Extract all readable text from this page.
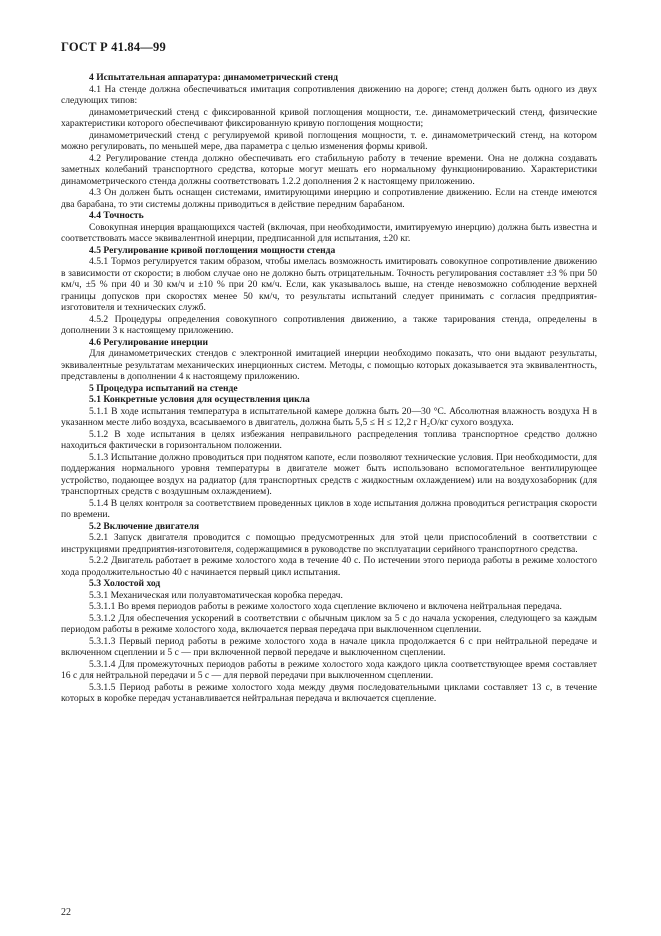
ГОСТ Р 41.84—99

4 Испытательная аппаратура: динамометрический стенд

4.1 На стенде должна обеспечиваться имитация сопротивления движению на дороге; стенд должен быть одного из двух следующих типов:

динамометрический стенд с фиксированной кривой поглощения мощности, т.е. динамометрический стенд, физические характеристики которого обеспечивают фиксированную кривую поглощения мощности;

динамометрический стенд с регулируемой кривой поглощения мощности, т. е. динамометрический стенд, на котором можно регулировать, по меньшей мере, два параметра с целью изменения формы кривой.

4.2 Регулирование стенда должно обеспечивать его стабильную работу в течение времени. Она не должна создавать заметных колебаний транспортного средства, которые могут мешать его нормальному функционированию. Характеристики динамометрического стенда должны соответствовать 1.2.2 дополнения 2 к настоящему приложению.

4.3 Он должен быть оснащен системами, имитирующими инерцию и сопротивление движению. Если на стенде имеются два барабана, то эти системы должны приводиться в действие передним барабаном.

4.4 Точность

Совокупная инерция вращающихся частей (включая, при необходимости, имитируемую инерцию) должна быть известна и соответствовать массе эквивалентной инерции, предписанной для испытания, ±20 кг.

4.5 Регулирование кривой поглощения мощности стенда

4.5.1 Тормоз регулируется таким образом, чтобы имелась возможность имитировать совокупное сопротивление движению в зависимости от скорости; в любом случае оно не должно быть отрицательным. Точность регулирования составляет ±3 % при 50 км/ч, ±5 % при 40 и 30 км/ч и ±10 % при 20 км/ч. Если, как указывалось выше, на стенде невозможно соблюдение верхней границы допусков при скоростях менее 50 км/ч, то результаты испытаний следует принимать с согласия предприятия-изготовителя и технических служб.

4.5.2 Процедуры определения совокупного сопротивления движению, а также тарирования стенда, определены в дополнении 3 к настоящему приложению.

4.6 Регулирование инерции

Для динамометрических стендов с электронной имитацией инерции необходимо показать, что они выдают результаты, эквивалентные результатам механических инерционных систем. Методы, с помощью которых доказывается эта эквивалентность, представлены в дополнении 4 к настоящему приложению.

5 Процедура испытаний на стенде

5.1 Конкретные условия для осуществления цикла

5.1.1 В ходе испытания температура в испытательной камере должна быть 20—30 °С. Абсолютная влажность воздуха H в указанном месте либо воздуха, всасываемого в двигатель, должна быть 5,5 ≤ H ≤ 12,2 г H₂O/кг сухого воздуха.

5.1.2 В ходе испытания в целях избежания неправильного распределения топлива транспортное средство должно находиться фактически в горизонтальном положении.

5.1.3 Испытание должно проводиться при поднятом капоте, если позволяют технические условия. При необходимости, для поддержания нормального уровня температуры в двигателе может быть использовано вспомогательное вентилирующее устройство, подающее воздух на радиатор (для транспортных средств с жидкостным охлаждением) или на воздухозаборник (для транспортных средств с воздушным охлаждением).

5.1.4 В целях контроля за соответствием проведенных циклов в ходе испытания должна проводиться регистрация скорости по времени.

5.2 Включение двигателя

5.2.1 Запуск двигателя проводится с помощью предусмотренных для этой цели приспособлений в соответствии с инструкциями предприятия-изготовителя, содержащимися в руководстве по эксплуатации серийного транспортного средства.

5.2.2 Двигатель работает в режиме холостого хода в течение 40 с. По истечении этого периода работы в режиме холостого хода продолжительностью 40 с начинается первый цикл испытания.

5.3 Холостой ход

5.3.1 Механическая или полуавтоматическая коробка передач.

5.3.1.1 Во время периодов работы в режиме холостого хода сцепление включено и включена нейтральная передача.

5.3.1.2 Для обеспечения ускорений в соответствии с обычным циклом за 5 с до начала ускорения, следующего за каждым периодом работы в режиме холостого хода, включается первая передача при выключенном сцеплении.

5.3.1.3 Первый период работы в режиме холостого хода в начале цикла продолжается 6 с при нейтральной передаче и включенном сцеплении и 5 с — при включенной первой передаче и выключенном сцеплении.

5.3.1.4 Для промежуточных периодов работы в режиме холостого хода каждого цикла соответствующее время составляет 16 с для нейтральной передачи и 5 с — для первой передачи при выключенном сцеплении.

5.3.1.5 Период работы в режиме холостого хода между двумя последовательными циклами составляет 13 с, в течение которых в коробке передач устанавливается нейтральная передача и включается сцепление.

22
